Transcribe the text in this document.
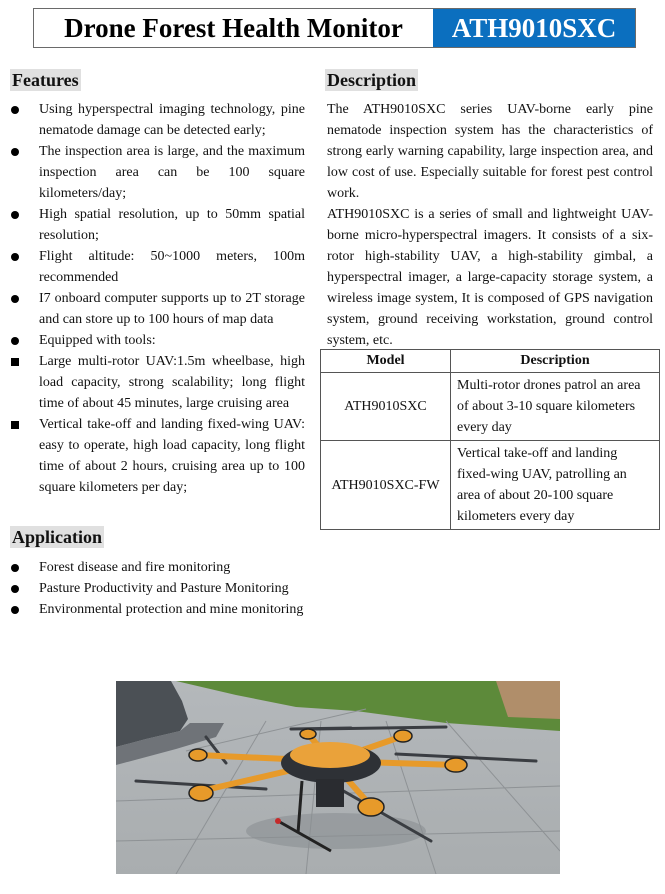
Drone Forest Health Monitor	ATH9010SXC
Features
Using hyperspectral imaging technology, pine nematode damage can be detected early;
The inspection area is large, and the maximum inspection area can be 100 square kilometers/day;
High spatial resolution, up to 50mm spatial resolution;
Flight altitude: 50~1000 meters, 100m recommended
I7 onboard computer supports up to 2T storage and can store up to 100 hours of map data
Equipped with tools:
Large multi-rotor UAV:1.5m wheelbase, high load capacity, strong scalability; long flight time of about 45 minutes, large cruising area
Vertical take-off and landing fixed-wing UAV: easy to operate, high load capacity, long flight time of about 2 hours, cruising area up to 100 square kilometers per day;
Application
Forest disease and fire monitoring
Pasture Productivity and Pasture Monitoring
Environmental protection and mine monitoring
Description

The ATH9010SXC series UAV-borne early pine nematode inspection system has the characteristics of strong early warning capability, large inspection area, and low cost of use. Especially suitable for forest pest control work.

ATH9010SXC is a series of small and lightweight UAV-borne micro-hyperspectral imagers. It consists of a six-rotor high-stability UAV, a high-stability gimbal, a hyperspectral imager, a large-capacity storage system, a wireless image system, It is composed of GPS navigation system, ground receiving workstation, ground control system, etc.

Model	Description
ATH9010SXC	Multi-rotor drones patrol an area of about 3-10 square kilometers every day
ATH9010SXC-FW	Vertical take-off and landing fixed-wing UAV, patrolling an area of about 20-100 square kilometers every day
